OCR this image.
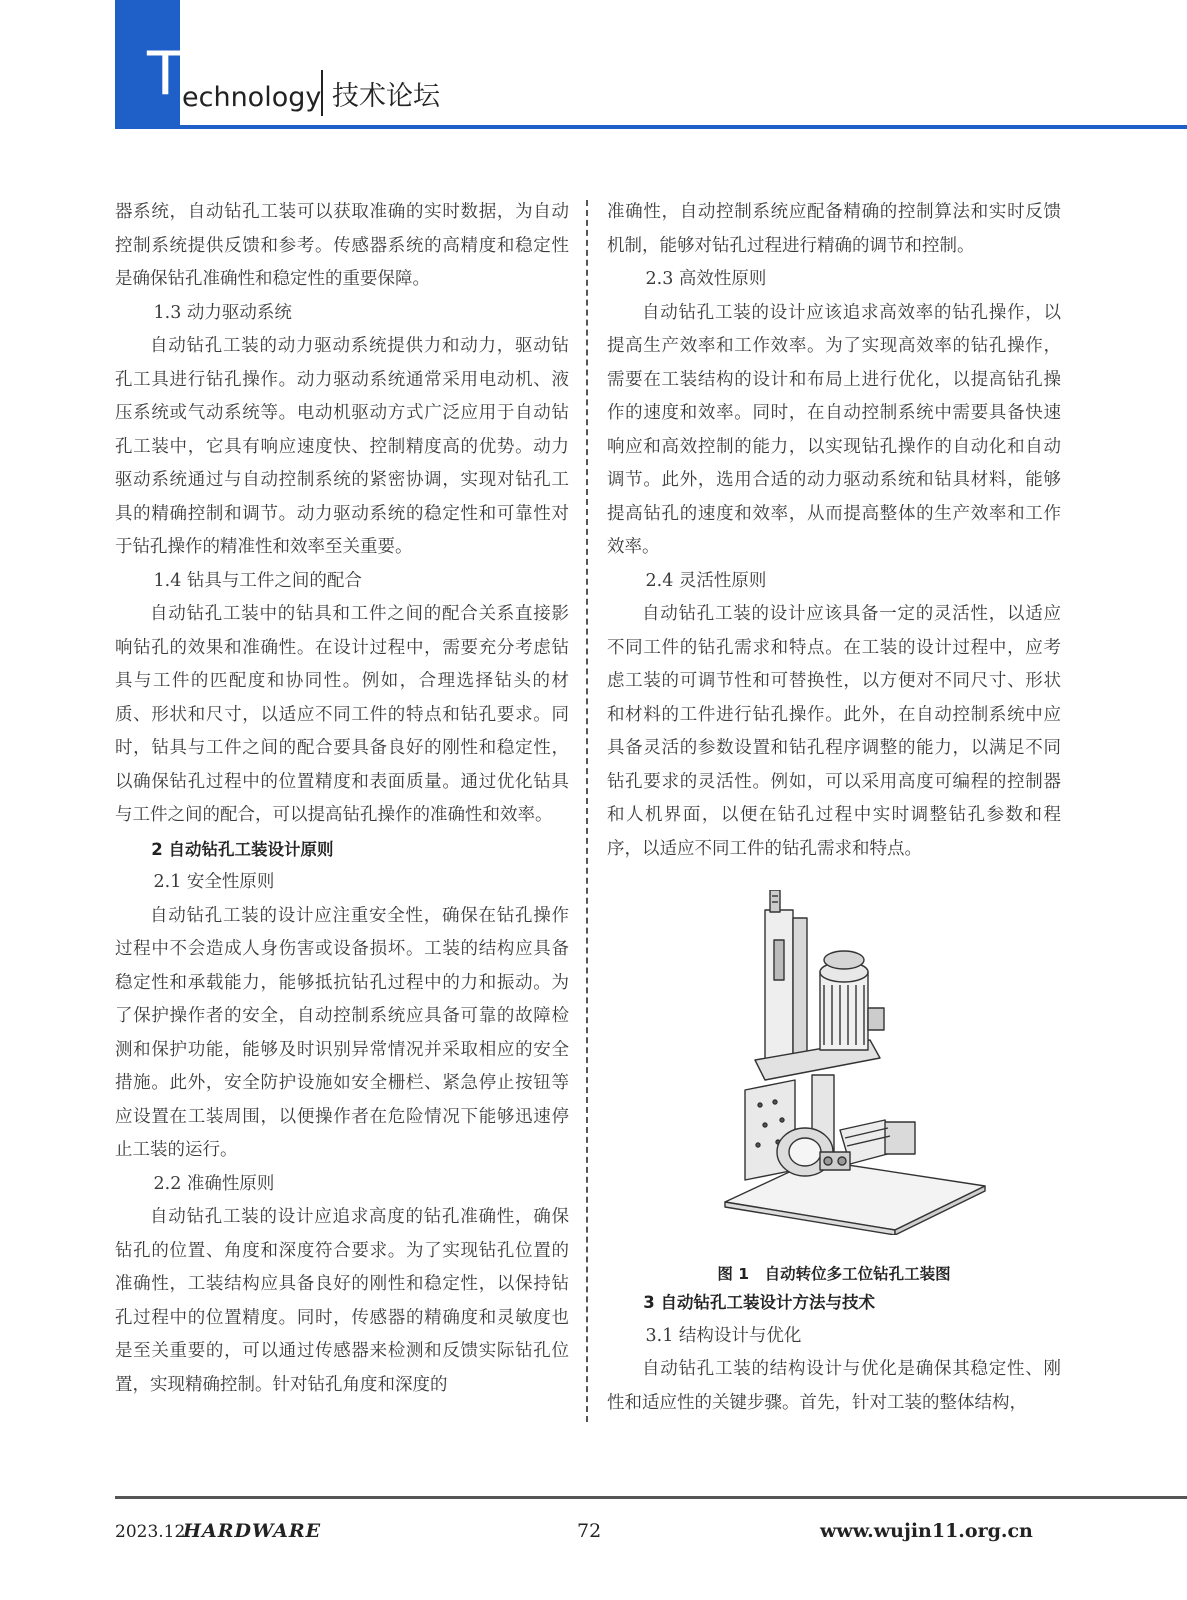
T
echnology 技术论坛

器系统，自动钻孔工装可以获取准确的实时数据，为自动控制系统提供反馈和参考。传感器系统的高精度和稳定性是确保钻孔准确性和稳定性的重要保障。

1.3 动力驱动系统

自动钻孔工装的动力驱动系统提供力和动力，驱动钻孔工具进行钻孔操作。动力驱动系统通常采用电动机、液压系统或气动系统等。电动机驱动方式广泛应用于自动钻孔工装中，它具有响应速度快、控制精度高的优势。动力驱动系统通过与自动控制系统的紧密协调，实现对钻孔工具的精确控制和调节。动力驱动系统的稳定性和可靠性对于钻孔操作的精准性和效率至关重要。

1.4 钻具与工件之间的配合

自动钻孔工装中的钻具和工件之间的配合关系直接影响钻孔的效果和准确性。在设计过程中，需要充分考虑钻具与工件的匹配度和协同性。例如，合理选择钻头的材质、形状和尺寸，以适应不同工件的特点和钻孔要求。同时，钻具与工件之间的配合要具备良好的刚性和稳定性，以确保钻孔过程中的位置精度和表面质量。通过优化钻具与工件之间的配合，可以提高钻孔操作的准确性和效率。

2 自动钻孔工装设计原则
2.1 安全性原则

自动钻孔工装的设计应注重安全性，确保在钻孔操作过程中不会造成人身伤害或设备损坏。工装的结构应具备稳定性和承载能力，能够抵抗钻孔过程中的力和振动。为了保护操作者的安全，自动控制系统应具备可靠的故障检测和保护功能，能够及时识别异常情况并采取相应的安全措施。此外，安全防护设施如安全栅栏、紧急停止按钮等应设置在工装周围，以便操作者在危险情况下能够迅速停止工装的运行。

2.2 准确性原则

自动钻孔工装的设计应追求高度的钻孔准确性，确保钻孔的位置、角度和深度符合要求。为了实现钻孔位置的准确性，工装结构应具备良好的刚性和稳定性，以保持钻孔过程中的位置精度。同时，传感器的精确度和灵敏度也是至关重要的，可以通过传感器来检测和反馈实际钻孔位置，实现精确控制。针对钻孔角度和深度的

准确性，自动控制系统应配备精确的控制算法和实时反馈机制，能够对钻孔过程进行精确的调节和控制。

2.3 高效性原则

自动钻孔工装的设计应该追求高效率的钻孔操作，以提高生产效率和工作效率。为了实现高效率的钻孔操作，需要在工装结构的设计和布局上进行优化，以提高钻孔操作的速度和效率。同时，在自动控制系统中需要具备快速响应和高效控制的能力，以实现钻孔操作的自动化和自动调节。此外，选用合适的动力驱动系统和钻具材料，能够提高钻孔的速度和效率，从而提高整体的生产效率和工作效率。

2.4 灵活性原则

自动钻孔工装的设计应该具备一定的灵活性，以适应不同工件的钻孔需求和特点。在工装的设计过程中，应考虑工装的可调节性和可替换性，以方便对不同尺寸、形状和材料的工件进行钻孔操作。此外，在自动控制系统中应具备灵活的参数设置和钻孔程序调整的能力，以满足不同钻孔要求的灵活性。例如，可以采用高度可编程的控制器和人机界面，以便在钻孔过程中实时调整钻孔参数和程序，以适应不同工件的钻孔需求和特点。

图 1　自动转位多工位钻孔工装图
3 自动钻孔工装设计方法与技术
3.1 结构设计与优化

自动钻孔工装的结构设计与优化是确保其稳定性、刚性和适应性的关键步骤。首先，针对工装的整体结构，

2023.12
HARDWARE	72	www.wujin11.org.cn
